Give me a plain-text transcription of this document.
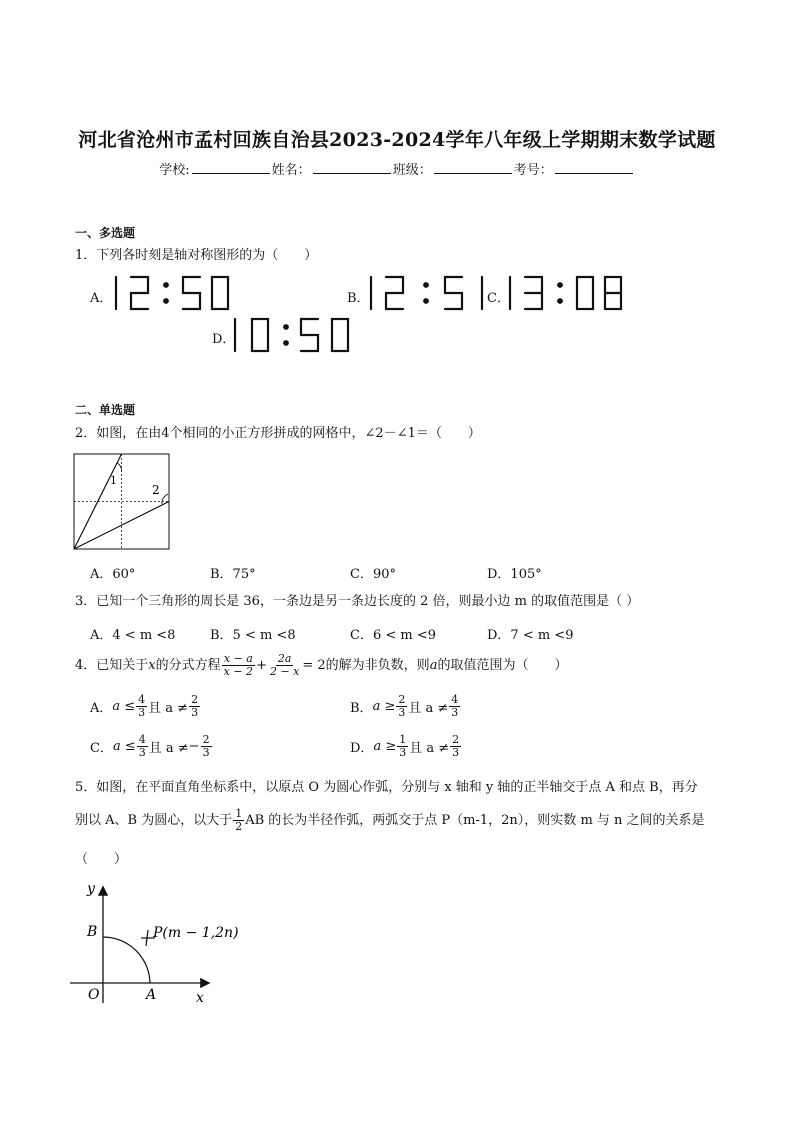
河北省沧州市孟村回族自治县2023-2024学年八年级上学期期末数学试题
学校:	姓名：	班级：	考号：
一、多选题
1．下列各时刻是轴对称图形的为（　　）
A．	B．	C．
D．
二、单选题
2．如图，在由4个相同的小正方形拼成的网格中，∠2－∠1＝（　　）
1
2
A．60°	B．75°	C．90°	D．105°
3．已知一个三角形的周长是 36，一条边是另一条边长度的 2 倍，则最小边 m 的取值范围是（ ）
A．4 < m <8	B．5 < m <8	C．6 < m <9	D．7 < m <9
4．已知关于 x 的分式方程 $\frac{x - a}{x - 2} + \frac{2a}{2 - x} = 2$的解为非负数，则 a 的取值范围为（　　）
A． $a \le \frac{4}{3}$ 且 $a \ne \frac{2}{3}$	B． $a \ge \frac{2}{3}$ 且 $a \ne \frac{4}{3}$
C． $a \le \frac{4}{3}$ 且 a ≠ − $\frac{2}{3}$	D． $a \ge \frac{1}{3}$ 且 $a \ne \frac{2}{3}$
5．如图，在平面直角坐标系中，以原点 O 为圆心作弧，分别与 x 轴和 y 轴的正半轴交于点 A 和点 B，再分
别以 A、B 为圆心，以大于 $\frac{1}{2}$ AB 的长为半径作弧，两弧交于点 P（m-1，2n），则实数 m 与 n 之间的关系是
（　　）
y
x
B
O	A
P(m − 1,2n)
